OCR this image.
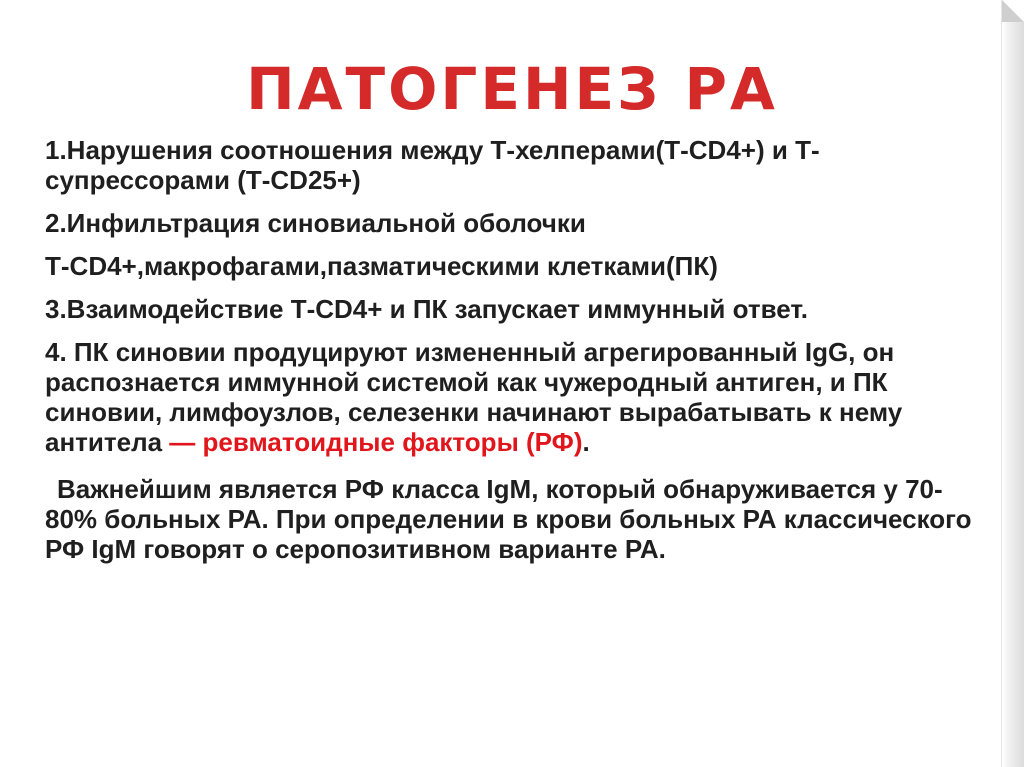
ПАТОГЕНЕЗ РА

1.Нарушения соотношения между Т-хелперами(Т-CD4+) и Т-супрессорами (Т-CD25+)

2.Инфильтрация синовиальной оболочки

Т-CD4+,макрофагами,пазматическими клетками(ПК)

3.Взаимодействие Т-CD4+ и ПК запускает иммунный ответ.

4. ПК синовии продуцируют измененный агрегированный IgG, он распознается иммунной системой как чужеродный антиген, и ПК синовии, лимфоузлов, селезенки начинают вырабатывать к нему антитела — ревматоидные факторы (РФ).

Важнейшим является РФ класса IgM, который обнаруживается у 70-80% больных РА. При определении в крови больных РА классического РФ IgM говорят о серопозитивном варианте РА.
